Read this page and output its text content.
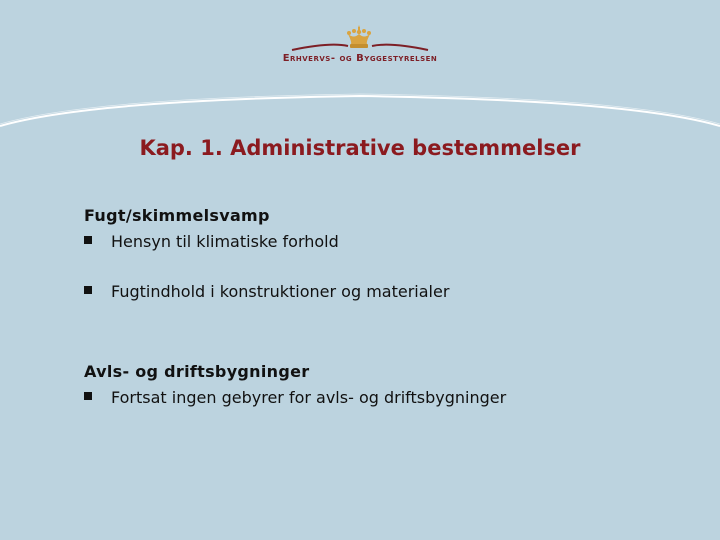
Erhvervs- og Byggestyrelsen
Kap. 1. Administrative bestemmelser
Fugt/skimmelsvamp
Hensyn til klimatiske forhold
Fugtindhold i konstruktioner og materialer
Avls- og driftsbygninger
Fortsat ingen gebyrer for avls- og driftsbygninger
